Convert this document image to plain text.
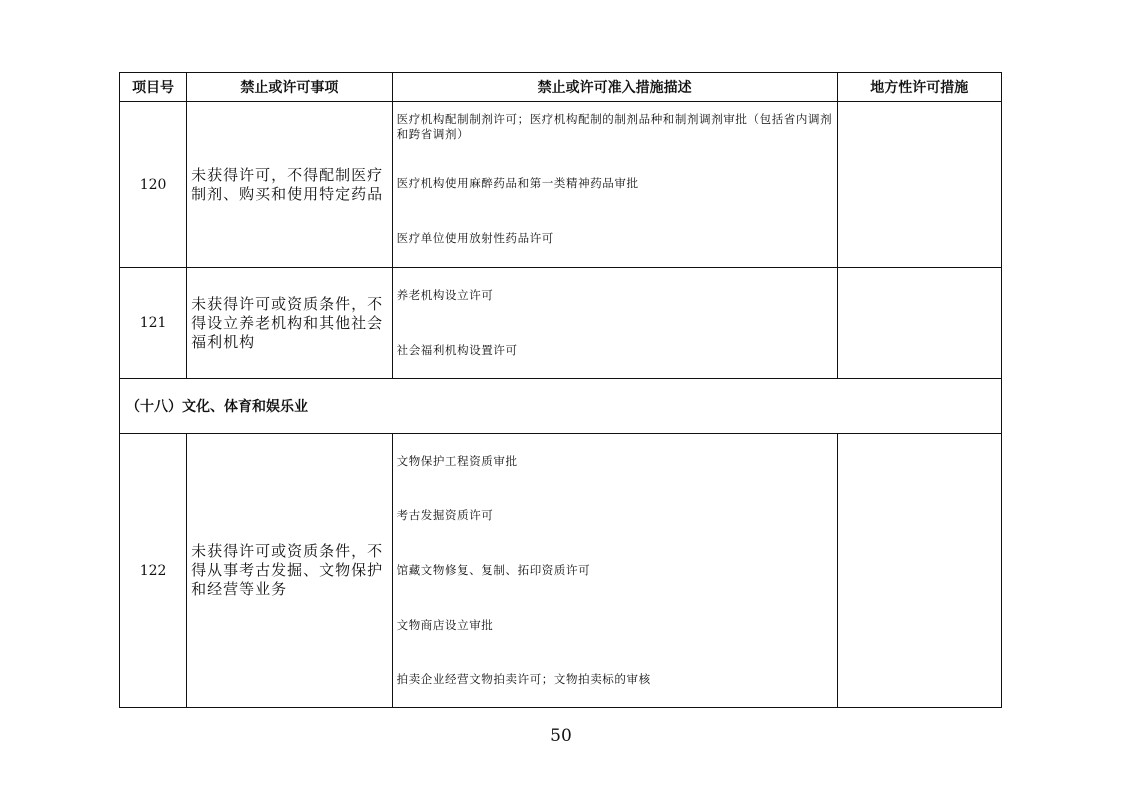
项目号	禁止或许可事项	禁止或许可准入措施描述	地方性许可措施
120	未获得许可，不得配制医疗制剂、购买和使用特定药品	医疗机构配制制剂许可；医疗机构配制的制剂品种和制剂调剂审批（包括省内调剂和跨省调剂）
医疗机构使用麻醉药品和第一类精神药品审批
医疗单位使用放射性药品许可	

121	未获得许可或资质条件，不得设立养老机构和其他社会福利机构	养老机构设立许可
社会福利机构设置许可	

（十八）文化、体育和娱乐业			
122	未获得许可或资质条件，不得从事考古发掘、文物保护和经营等业务	文物保护工程资质审批
考古发掘资质许可
馆藏文物修复、复制、拓印资质许可
文物商店设立审批
拍卖企业经营文物拍卖许可；文物拍卖标的审核	

50
